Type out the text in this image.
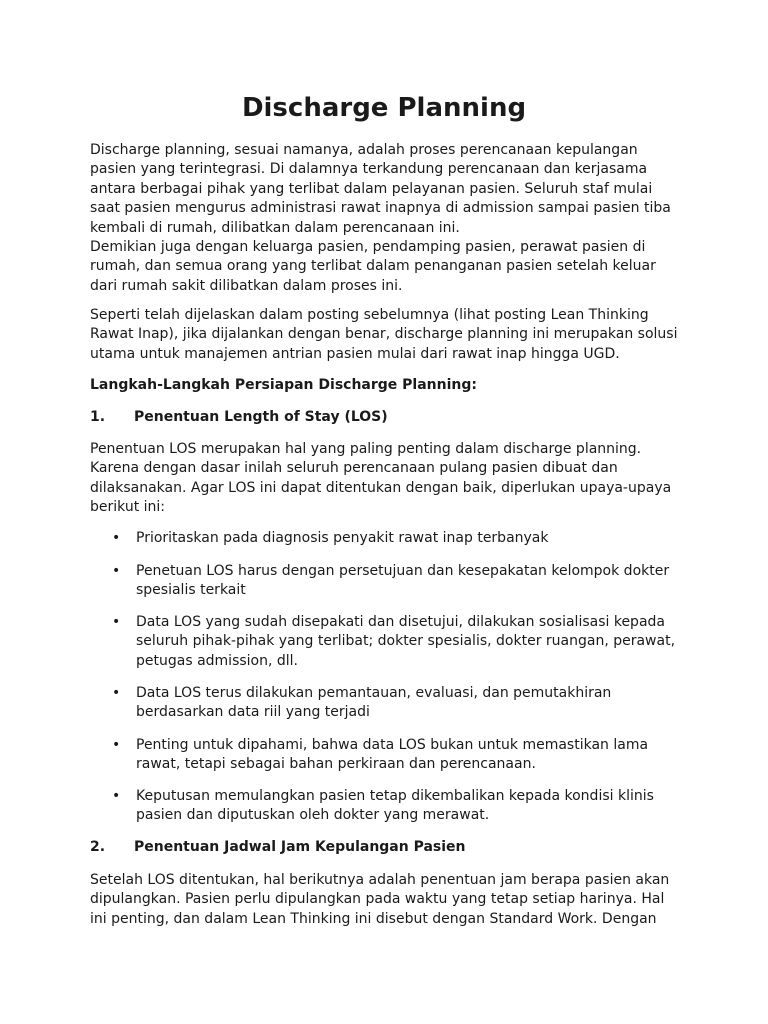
Discharge Planning
Discharge planning, sesuai namanya, adalah proses perencanaan kepulangan
pasien yang terintegrasi. Di dalamnya terkandung perencanaan dan kerjasama
antara berbagai pihak yang terlibat dalam pelayanan pasien. Seluruh staf mulai
saat pasien mengurus administrasi rawat inapnya di admission sampai pasien tiba
kembali di rumah, dilibatkan dalam perencanaan ini.
Demikian juga dengan keluarga pasien, pendamping pasien, perawat pasien di
rumah, dan semua orang yang terlibat dalam penanganan pasien setelah keluar
dari rumah sakit dilibatkan dalam proses ini.
Seperti telah dijelaskan dalam posting sebelumnya (lihat posting Lean Thinking
Rawat Inap), jika dijalankan dengan benar, discharge planning ini merupakan solusi
utama untuk manajemen antrian pasien mulai dari rawat inap hingga UGD.
Langkah-Langkah Persiapan Discharge Planning:
1. Penentuan Length of Stay (LOS)
Penentuan LOS merupakan hal yang paling penting dalam discharge planning.
Karena dengan dasar inilah seluruh perencanaan pulang pasien dibuat dan
dilaksanakan. Agar LOS ini dapat ditentukan dengan baik, diperlukan upaya-upaya
berikut ini:
• Prioritaskan pada diagnosis penyakit rawat inap terbanyak
• Penetuan LOS harus dengan persetujuan dan kesepakatan kelompok dokter
spesialis terkait
• Data LOS yang sudah disepakati dan disetujui, dilakukan sosialisasi kepada
seluruh pihak-pihak yang terlibat; dokter spesialis, dokter ruangan, perawat,
petugas admission, dll.
• Data LOS terus dilakukan pemantauan, evaluasi, dan pemutakhiran
berdasarkan data riil yang terjadi
• Penting untuk dipahami, bahwa data LOS bukan untuk memastikan lama
rawat, tetapi sebagai bahan perkiraan dan perencanaan.
• Keputusan memulangkan pasien tetap dikembalikan kepada kondisi klinis
pasien dan diputuskan oleh dokter yang merawat.
2. Penentuan Jadwal Jam Kepulangan Pasien
Setelah LOS ditentukan, hal berikutnya adalah penentuan jam berapa pasien akan
dipulangkan. Pasien perlu dipulangkan pada waktu yang tetap setiap harinya. Hal
ini penting, dan dalam Lean Thinking ini disebut dengan Standard Work. Dengan
